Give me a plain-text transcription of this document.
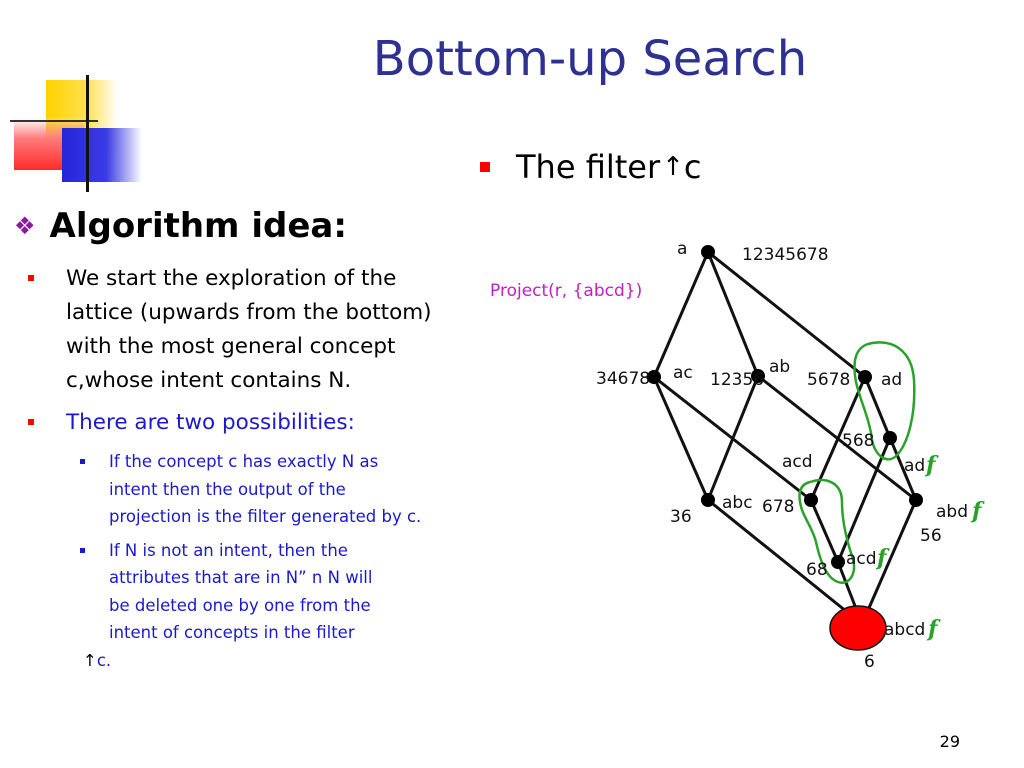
Bottom-up Search
The filter ↑ c
❖ Algorithm idea:
We start the exploration of the lattice (upwards from the bottom) with the most general concept c,whose intent contains N.
There are two possibilities:
If the concept c has exactly N as intent then the output of the projection is the filter generated by c.

If N is not an intent, then the

attributes that are in N” n N will

be deleted one by one from the

intent of concepts in the filter

↑c.

Project(r, {abcd})
a	12345678
34678 ac 12356
ab
5678 ad
568
ad f
acd
678
36
abc	abd f
56
acd f
68
abcd f
6
29
